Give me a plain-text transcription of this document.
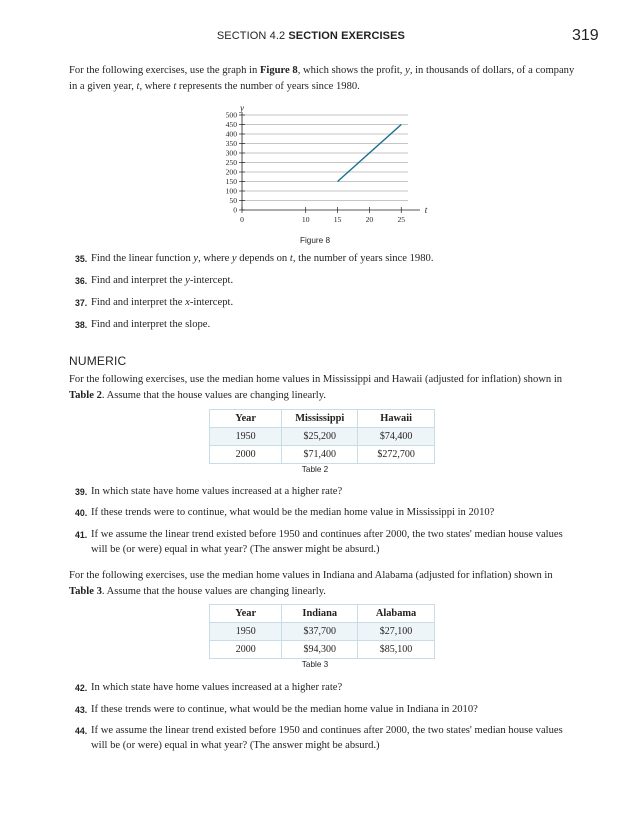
SECTION 4.2 SECTION EXERCISES	319
For the following exercises, use the graph in Figure 8, which shows the profit, y, in thousands of dollars, of a company in a given year, t, where t represents the number of years since 1980.
0
50
100
150
200
250
300
350
400
450
500
0	10	15	20	25
y
t
Figure 8
35. Find the linear function y, where y depends on t, the number of years since 1980.
36. Find and interpret the y-intercept.
37. Find and interpret the x-intercept.
38. Find and interpret the slope.
NUMERIC
For the following exercises, use the median home values in Mississippi and Hawaii (adjusted for inflation) shown in Table 2. Assume that the house values are changing linearly.
Year	Mississippi	Hawaii
1950	$25,200	$74,400
2000	$71,400	$272,700
Table 2
39. In which state have home values increased at a higher rate?
40. If these trends were to continue, what would be the median home value in Mississippi in 2010?
41. If we assume the linear trend existed before 1950 and continues after 2000, the two states' median house values will be (or were) equal in what year? (The answer might be absurd.)
For the following exercises, use the median home values in Indiana and Alabama (adjusted for inflation) shown in Table 3. Assume that the house values are changing linearly.
Year	Indiana	Alabama
1950	$37,700	$27,100
2000	$94,300	$85,100
Table 3
42. In which state have home values increased at a higher rate?
43. If these trends were to continue, what would be the median home value in Indiana in 2010?
44. If we assume the linear trend existed before 1950 and continues after 2000, the two states' median house values will be (or were) equal in what year? (The answer might be absurd.)
